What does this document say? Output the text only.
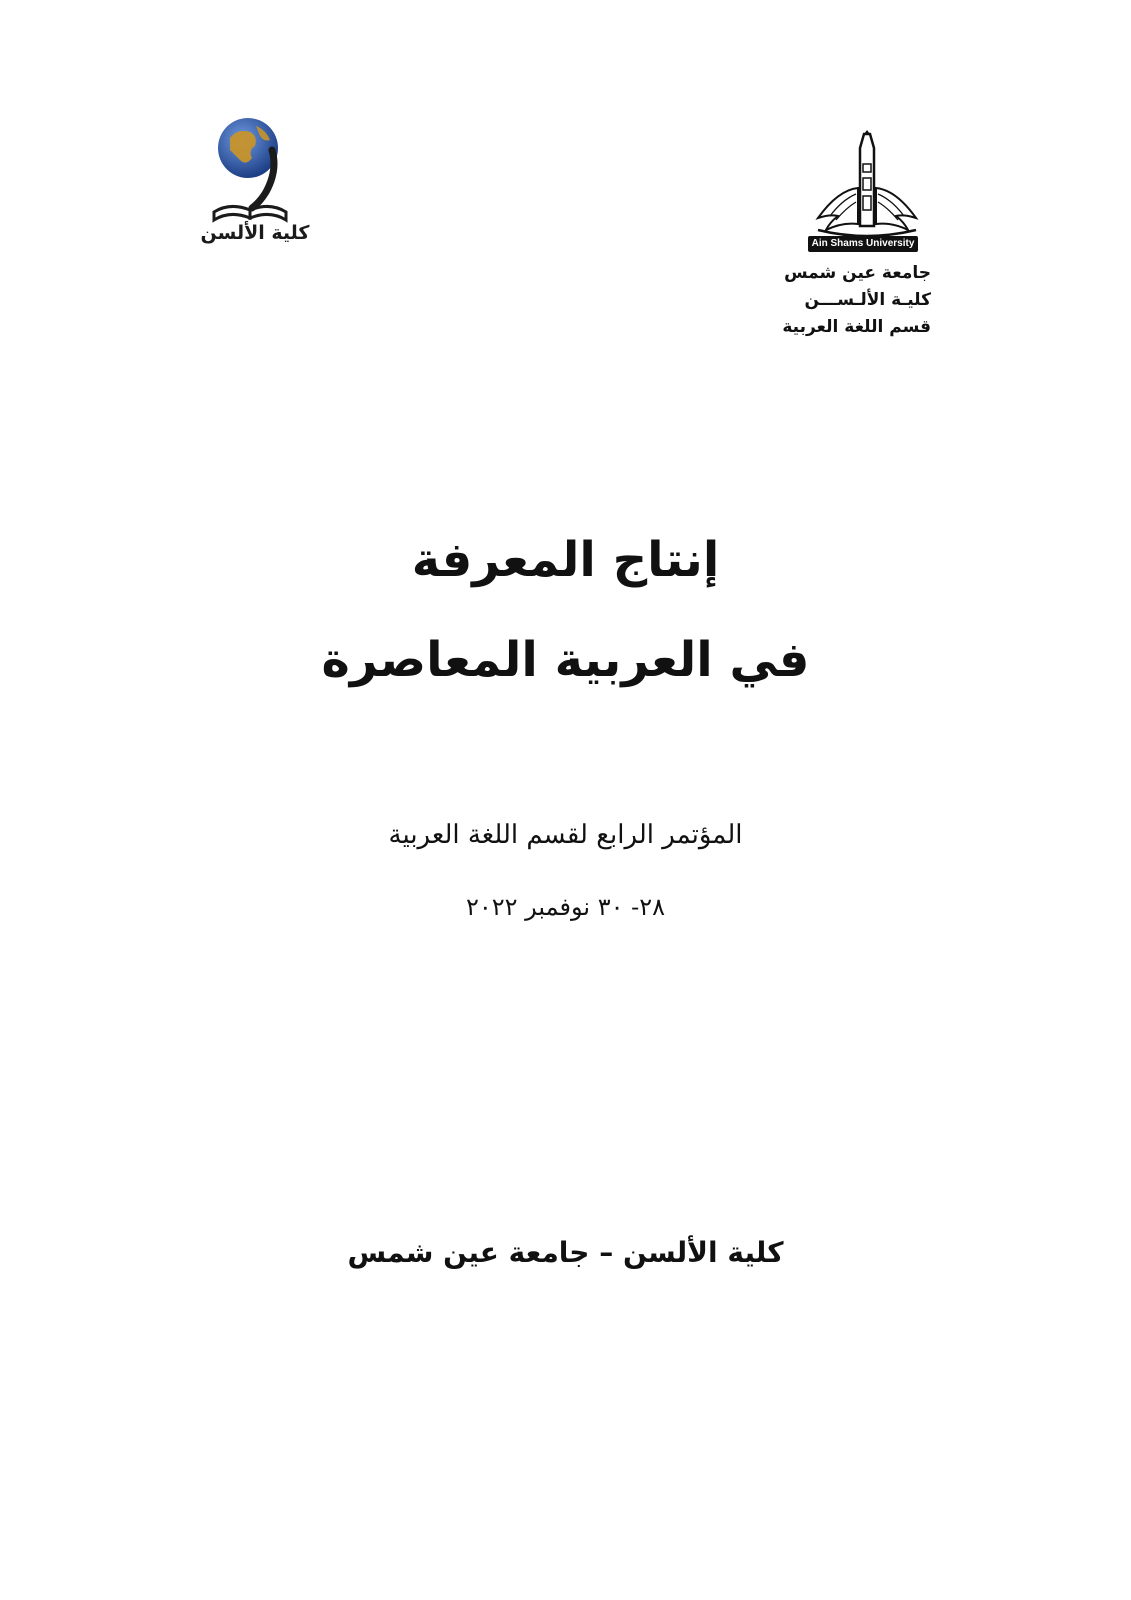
كلية الألسن	Ain Shams University
جامعة عين شمس
كليـة الألـســـن
قسم اللغة العربية
إنتاج المعرفة
في العربية المعاصرة
المؤتمر الرابع لقسم اللغة العربية
٢٨- ٣٠ نوفمبر ٢٠٢٢
كلية الألسن – جامعة عين شمس
